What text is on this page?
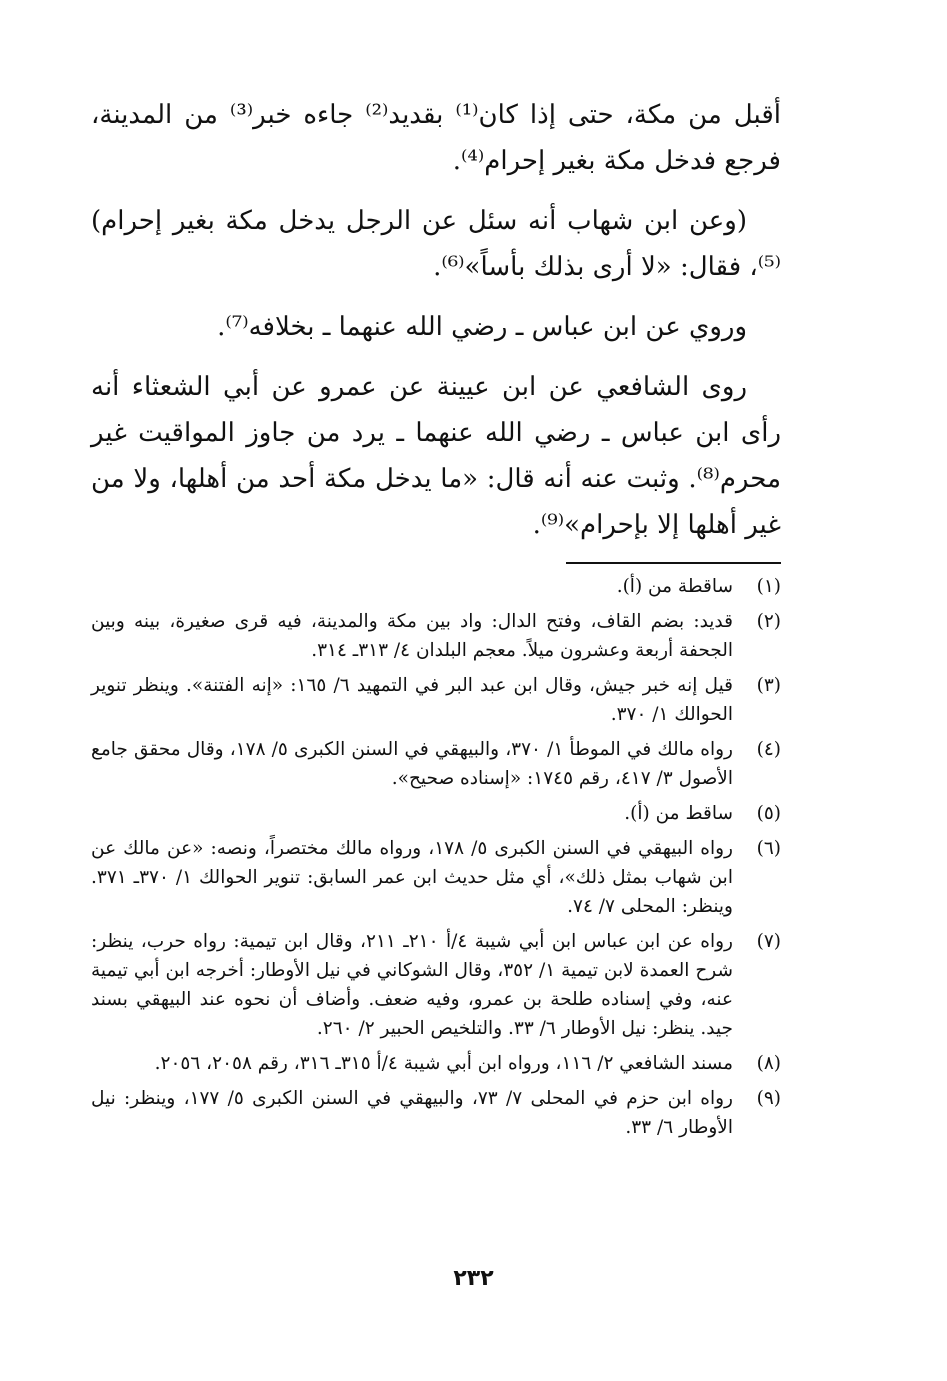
أقبل من مكة، حتى إذا كان⁽¹⁾ بقديد⁽²⁾ جاءه خبر⁽³⁾ من المدينة، فرجع فدخل مكة بغير إحرام⁽⁴⁾.

(وعن ابن شهاب أنه سئل عن الرجل يدخل مكة بغير إحرام)⁽⁵⁾، فقال: «لا أرى بذلك بأساً»⁽⁶⁾.

وروي عن ابن عباس ـ رضي الله عنهما ـ بخلافه⁽⁷⁾.

روى الشافعي عن ابن عيينة عن عمرو عن أبي الشعثاء أنه رأى ابن عباس ـ رضي الله عنهما ـ يرد من جاوز المواقيت غير محرم⁽⁸⁾. وثبت عنه أنه قال: «ما يدخل مكة أحد من أهلها، ولا من غير أهلها إلا بإحرام»⁽⁹⁾.

(١)
ساقطة من (أ).
(٢)
قديد: بضم القاف، وفتح الدال: واد بين مكة والمدينة، فيه قرى صغيرة، بينه وبين الجحفة أربعة وعشرون ميلاً. معجم البلدان ٤/ ٣١٣ـ ٣١٤.
(٣)
قيل إنه خبر جيش، وقال ابن عبد البر في التمهيد ٦/ ١٦٥: «إنه الفتنة». وينظر تنوير الحوالك ١/ ٣٧٠.
(٤)
رواه مالك في الموطأ ١/ ٣٧٠، والبيهقي في السنن الكبرى ٥/ ١٧٨، وقال محقق جامع الأصول ٣/ ٤١٧، رقم ١٧٤٥: «إسناده صحيح».
(٥)
ساقط من (أ).
(٦)
رواه البيهقي في السنن الكبرى ٥/ ١٧٨، ورواه مالك مختصراً، ونصه: «عن مالك عن ابن شهاب بمثل ذلك»، أي مثل حديث ابن عمر السابق: تنوير الحوالك ١/ ٣٧٠ـ ٣٧١. وينظر: المحلى ٧/ ٧٤.
(٧)
رواه عن ابن عباس ابن أبي شيبة ٤/أ ٢١٠ـ ٢١١، وقال ابن تيمية: رواه حرب، ينظر: شرح العمدة لابن تيمية ١/ ٣٥٢، وقال الشوكاني في نيل الأوطار: أخرجه ابن أبي تيمية عنه، وفي إسناده طلحة بن عمرو، وفيه ضعف. وأضاف أن نحوه عند البيهقي بسند جيد. ينظر: نيل الأوطار ٦/ ٣٣. والتلخيص الحبير ٢/ ٢٦٠.
(٨)
مسند الشافعي ٢/ ١١٦، ورواه ابن أبي شيبة ٤/أ ٣١٥ـ ٣١٦، رقم ٢٠٥٨، ٢٠٥٦.
(٩)
رواه ابن حزم في المحلى ٧/ ٧٣، والبيهقي في السنن الكبرى ٥/ ١٧٧، وينظر: نيل الأوطار ٦/ ٣٣.
٢٣٢
